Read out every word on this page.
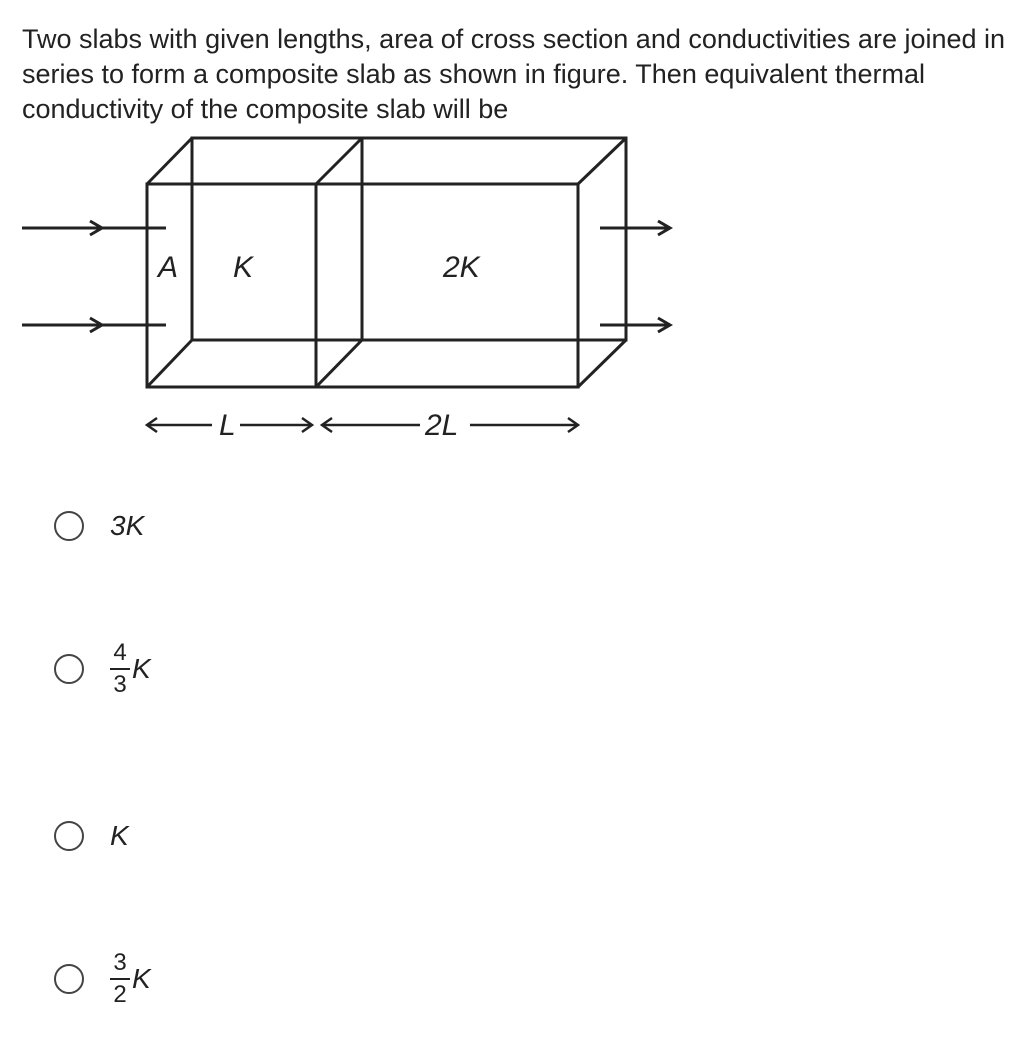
Two slabs with given lengths, area of cross section and conductivities are joined in series to form a composite slab as shown in figure. Then equivalent thermal conductivity of the composite slab will be
A K	2K
L	2L
3K
$\frac{4}{3}$ K
K
$\frac{3}{2}$ K
